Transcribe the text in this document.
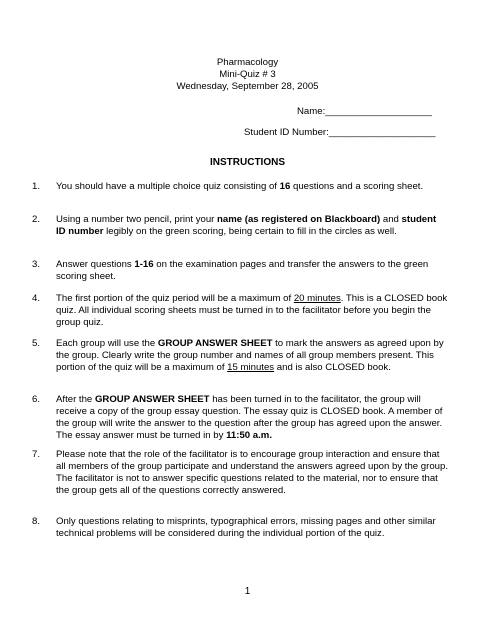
Pharmacology
Mini-Quiz # 3
Wednesday, September 28, 2005
Name:____________________
Student ID Number:____________________
INSTRUCTIONS
1.	You should have a multiple choice quiz consisting of 16 questions and a scoring sheet.
2.	Using a number two pencil, print your name (as registered on Blackboard) and student ID number legibly on the green scoring, being certain to fill in the circles as well.
3.	Answer questions 1-16 on the examination pages and transfer the answers to the green scoring sheet.
4.	The first portion of the quiz period will be a maximum of 20 minutes. This is a CLOSED book quiz. All individual scoring sheets must be turned in to the facilitator before you begin the group quiz.
5.	Each group will use the GROUP ANSWER SHEET to mark the answers as agreed upon by the group. Clearly write the group number and names of all group members present. This portion of the quiz will be a maximum of 15 minutes and is also CLOSED book.
6.	After the GROUP ANSWER SHEET has been turned in to the facilitator, the group will receive a copy of the group essay question. The essay quiz is CLOSED book. A member of the group will write the answer to the question after the group has agreed upon the answer. The essay answer must be turned in by 11:50 a.m.
7.	Please note that the role of the facilitator is to encourage group interaction and ensure that all members of the group participate and understand the answers agreed upon by the group. The facilitator is not to answer specific questions related to the material, nor to ensure that the group gets all of the questions correctly answered.
8.	Only questions relating to misprints, typographical errors, missing pages and other similar technical problems will be considered during the individual portion of the quiz.
1
